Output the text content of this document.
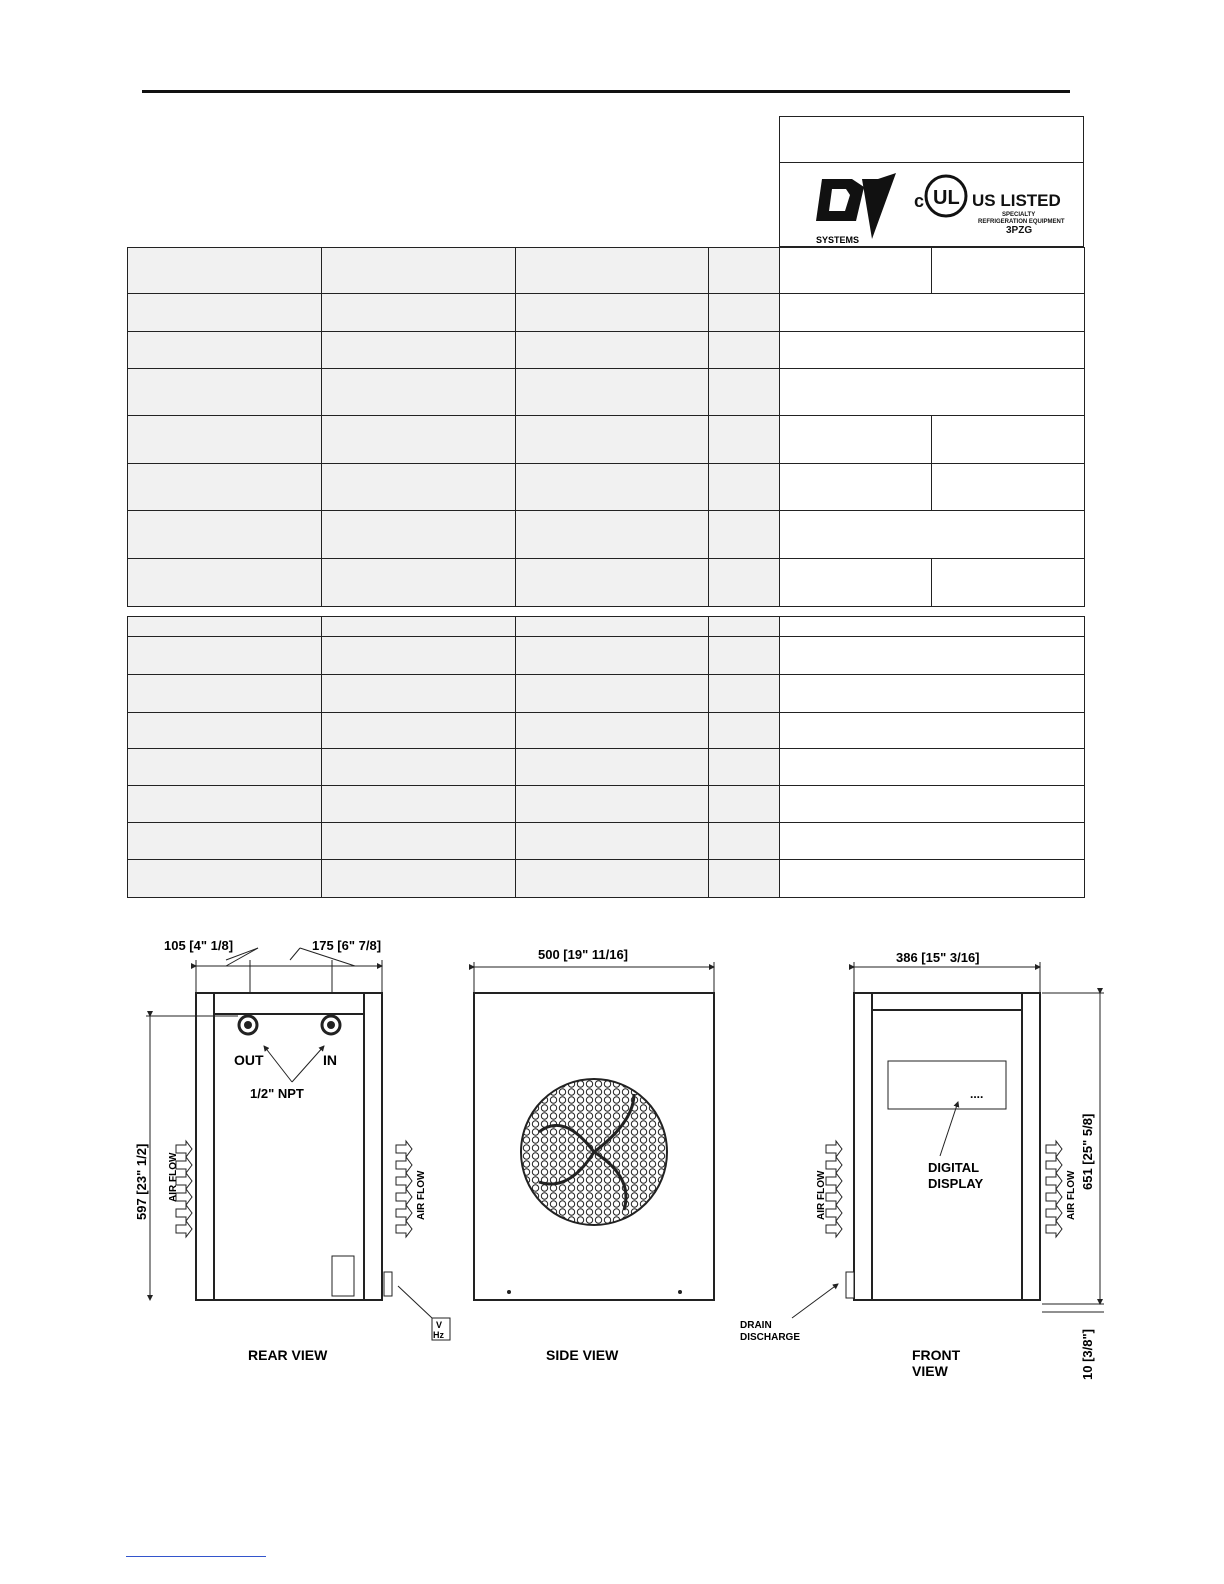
SYSTEMS
c UL US LISTED
SPECIALTY
REFRIGERATION EQUIPMENT
3PZG

105 [4" 1/8]	175 [6" 7/8]
OUT	IN
1/2" NPT
V
Hz
597 [23" 1/2] AIR FLOW	AIR FLOW
REAR VIEW
500 [19" 11/16]
SIDE VIEW
386 [15" 3/16]
....
DIGITAL
DISPLAY
DRAIN
DISCHARGE
AIR FLOW	AIR FLOW
651 [25" 5/8]
10 [3/8"]
FRONT
VIEW
